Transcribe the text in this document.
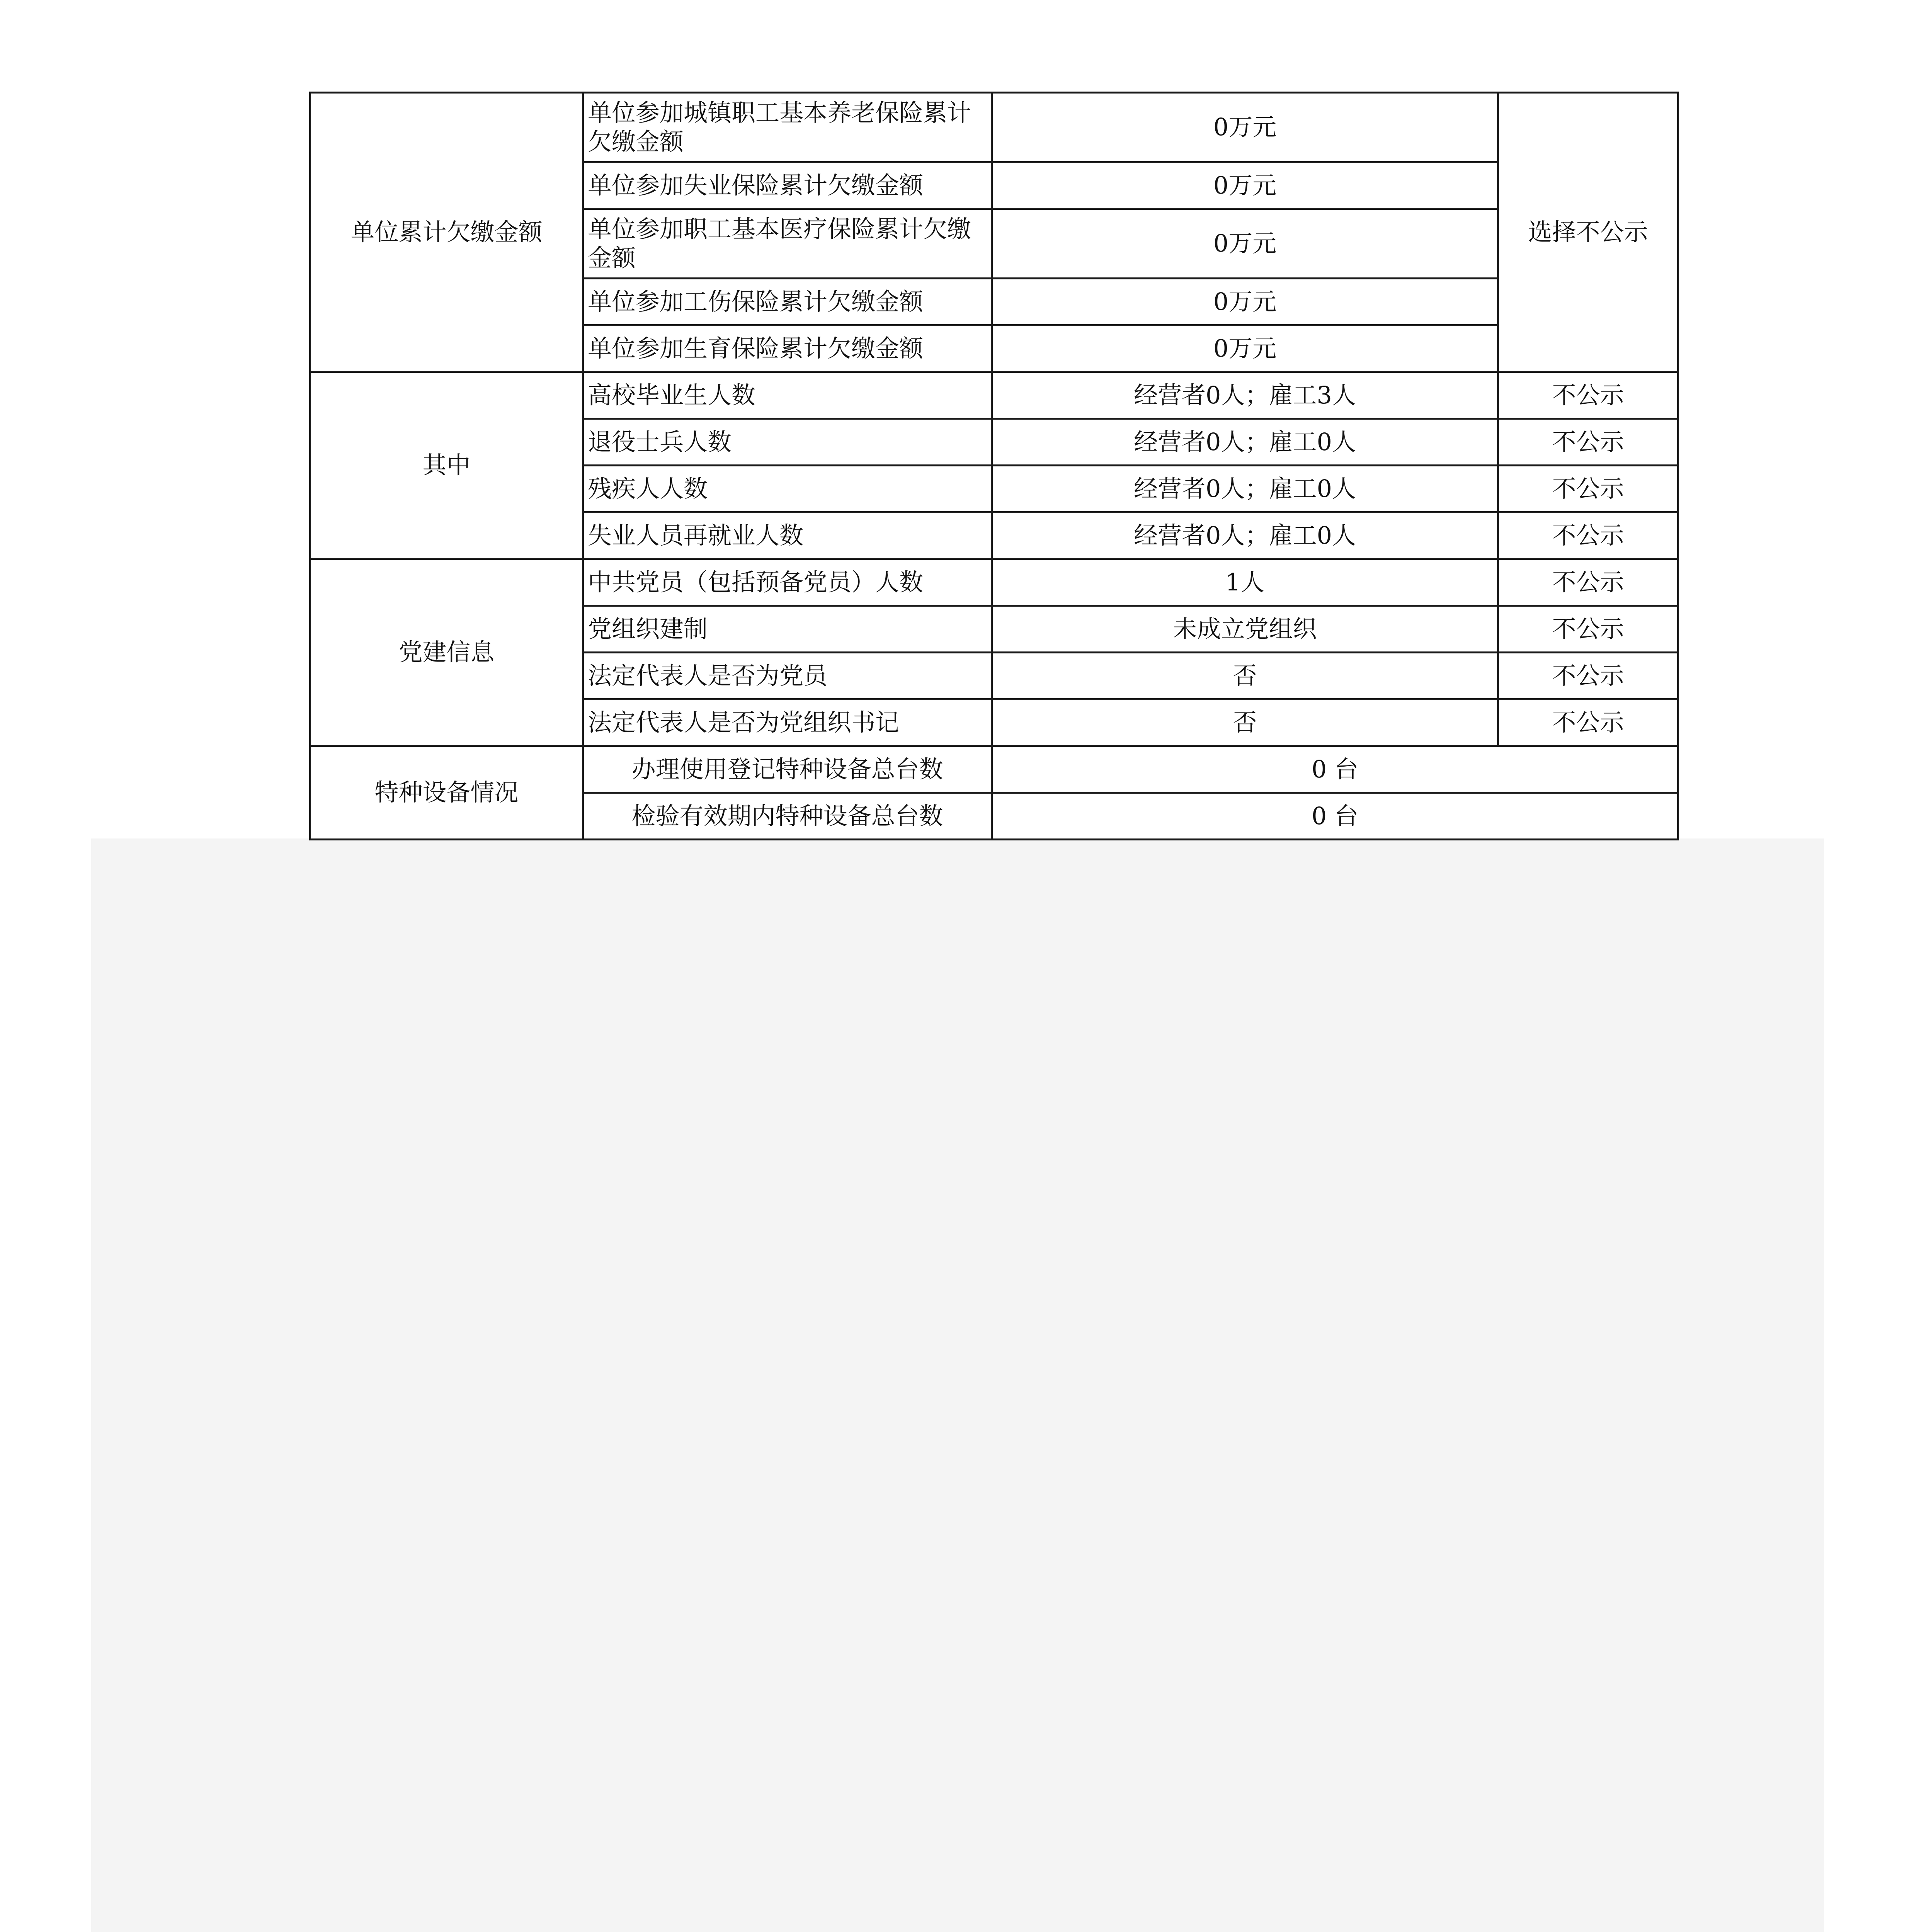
单位累计欠缴金额	单位参加城镇职工基本养老保险累计欠缴金额	0万元	选择不公示
	单位参加失业保险累计欠缴金额	0万元	
	单位参加职工基本医疗保险累计欠缴金额	0万元	
	单位参加工伤保险累计欠缴金额	0万元	
	单位参加生育保险累计欠缴金额	0万元	
其中	高校毕业生人数	经营者0人；雇工3人	不公示
	退役士兵人数	经营者0人；雇工0人	不公示
	残疾人人数	经营者0人；雇工0人	不公示
	失业人员再就业人数	经营者0人；雇工0人	不公示
党建信息	中共党员（包括预备党员）人数	1人	不公示
	党组织建制	未成立党组织	不公示
	法定代表人是否为党员	否	不公示
	法定代表人是否为党组织书记	否	不公示
特种设备情况	办理使用登记特种设备总台数	0 台	
	检验有效期内特种设备总台数	0 台	
